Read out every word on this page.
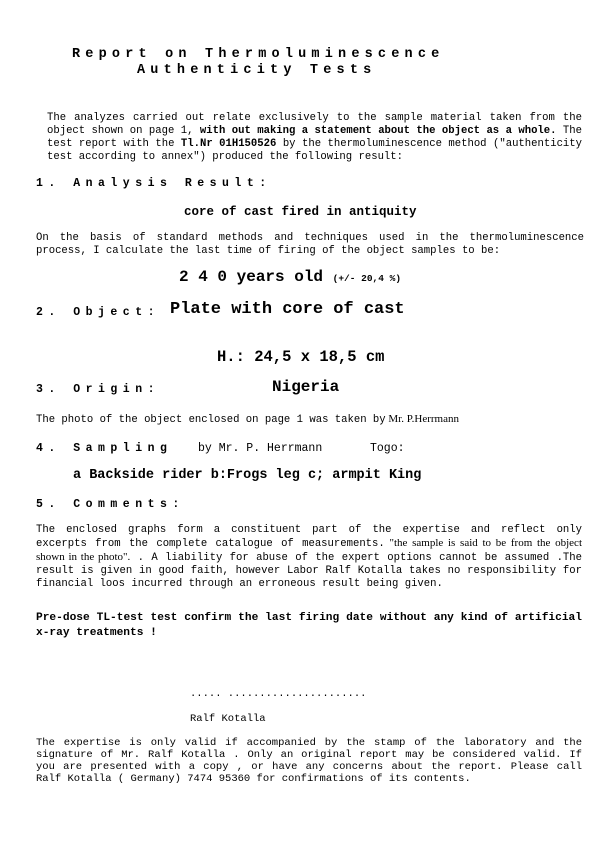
Report on Thermoluminescence
Authenticity Tests
The analyzes carried out relate exclusively to the sample material taken from the object shown on page 1, with out making a statement about the object as a whole. The test report with the Tl.Nr 01H150526 by the thermoluminescence method ("authenticity test according to annex") produced the following result:
1. Analysis Result:
core of cast fired in antiquity
On the basis of standard methods and techniques used in the thermoluminescence process, I calculate the last time of firing of the object samples to be:
2 4 0 years old (+/- 20,4 %)
2. Object: Plate with core of cast
H.: 24,5 x 18,5 cm
3. Origin:	Nigeria
The photo of the object enclosed on page 1 was taken by Mr. P.Herrmann
4. Sampling by Mr. P. Herrmann	Togo:
a Backside rider b:Frogs leg c; armpit King
5. Comments:
The enclosed graphs form a constituent part of the expertise and reflect only excerpts from the complete catalogue of measurements. "the sample is said to be from the object shown in the photo". . A liability for abuse of the expert options cannot be assumed .The result is given in good faith, however Labor Ralf Kotalla takes no responsibility for financial loos incurred through an erroneous result being given.
Pre-dose TL-test test confirm the last firing date without any kind of artificial x-ray treatments !
..... ......................
Ralf Kotalla
The expertise is only valid if accompanied by the stamp of the laboratory and the signature of Mr. Ralf Kotalla . Only an original report may be considered valid. If you are presented with a copy , or have any concerns about the report. Please call Ralf Kotalla ( Germany) 7474 95360 for confirmations of its contents.
